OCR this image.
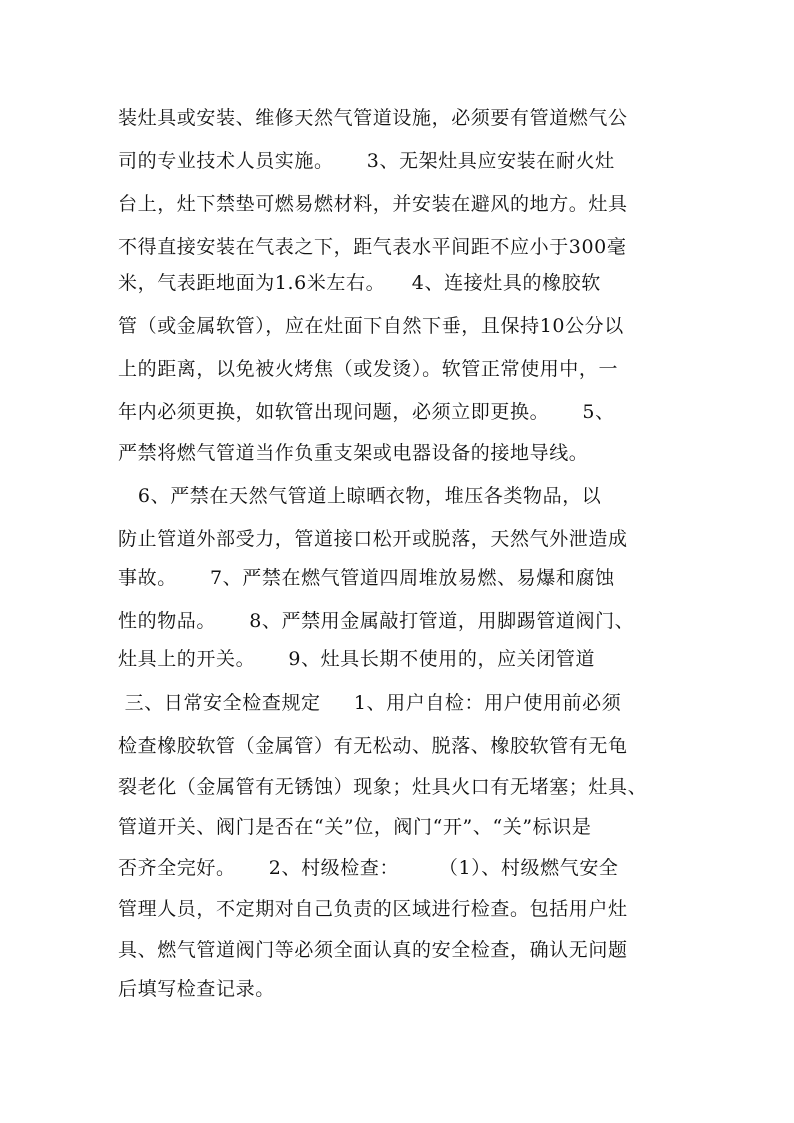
装灶具或安装、维修天然气管道设施，必须要有管道燃气公
司的专业技术人员实施。     3、无架灶具应安装在耐火灶
台上，灶下禁垫可燃易燃材料，并安装在避风的地方。灶具
不得直接安装在气表之下，距气表水平间距不应小于300毫
米，气表距地面为1.6米左右。    4、连接灶具的橡胶软
管（或金属软管），应在灶面下自然下垂，且保持10公分以
上的距离，以免被火烤焦（或发烫）。软管正常使用中，一
年内必须更换，如软管出现问题，必须立即更换。     5、
严禁将燃气管道当作负重支架或电器设备的接地导线。
6、严禁在天然气管道上晾晒衣物，堆压各类物品，以
防止管道外部受力，管道接口松开或脱落，天然气外泄造成
事故。     7、严禁在燃气管道四周堆放易燃、易爆和腐蚀
性的物品。     8、严禁用金属敲打管道，用脚踢管道阀门、
灶具上的开关。     9、灶具长期不使用的，应关闭管道
三、日常安全检查规定     1、用户自检：用户使用前必须
检查橡胶软管（金属管）有无松动、脱落、橡胶软管有无龟
裂老化（金属管有无锈蚀）现象；灶具火口有无堵塞；灶具、
管道开关、阀门是否在“关”位，阀门“开”、“关”标识是
否齐全完好。     2、村级检查：      （1）、村级燃气安全
管理人员，不定期对自己负责的区域进行检查。包括用户灶
具、燃气管道阀门等必须全面认真的安全检查，确认无问题
后填写检查记录。
